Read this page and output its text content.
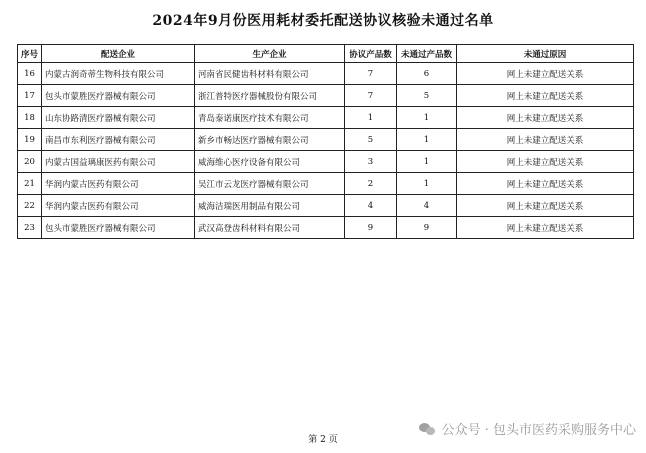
2024年9月份医用耗材委托配送协议核验未通过名单
序号	配送企业	生产企业	协议产品数	未通过产品数	未通过原因
16	内蒙古润奇蒂生物科技有限公司	河南省民健齿科材料有限公司	7	6	网上未建立配送关系
17	包头市蒙胜医疗器械有限公司	浙江普特医疗器械股份有限公司	7	5	网上未建立配送关系
18	山东协路清医疗器械有限公司	青岛泰诺康医疗技术有限公司	1	1	网上未建立配送关系
19	南昌市东利医疗器械有限公司	新乡市畅达医疗器械有限公司	5	1	网上未建立配送关系
20	内蒙古国益璃康医药有限公司	威海维心医疗设备有限公司	3	1	网上未建立配送关系
21	华润内蒙古医药有限公司	吴江市云龙医疗器械有限公司	2	1	网上未建立配送关系
22	华润内蒙古医药有限公司	威海洁瑞医用制品有限公司	4	4	网上未建立配送关系
23	包头市蒙胜医疗器械有限公司	武汉高登齿科材料有限公司	9	9	网上未建立配送关系
公众号 · 包头市医药采购服务中心
第 2 页
